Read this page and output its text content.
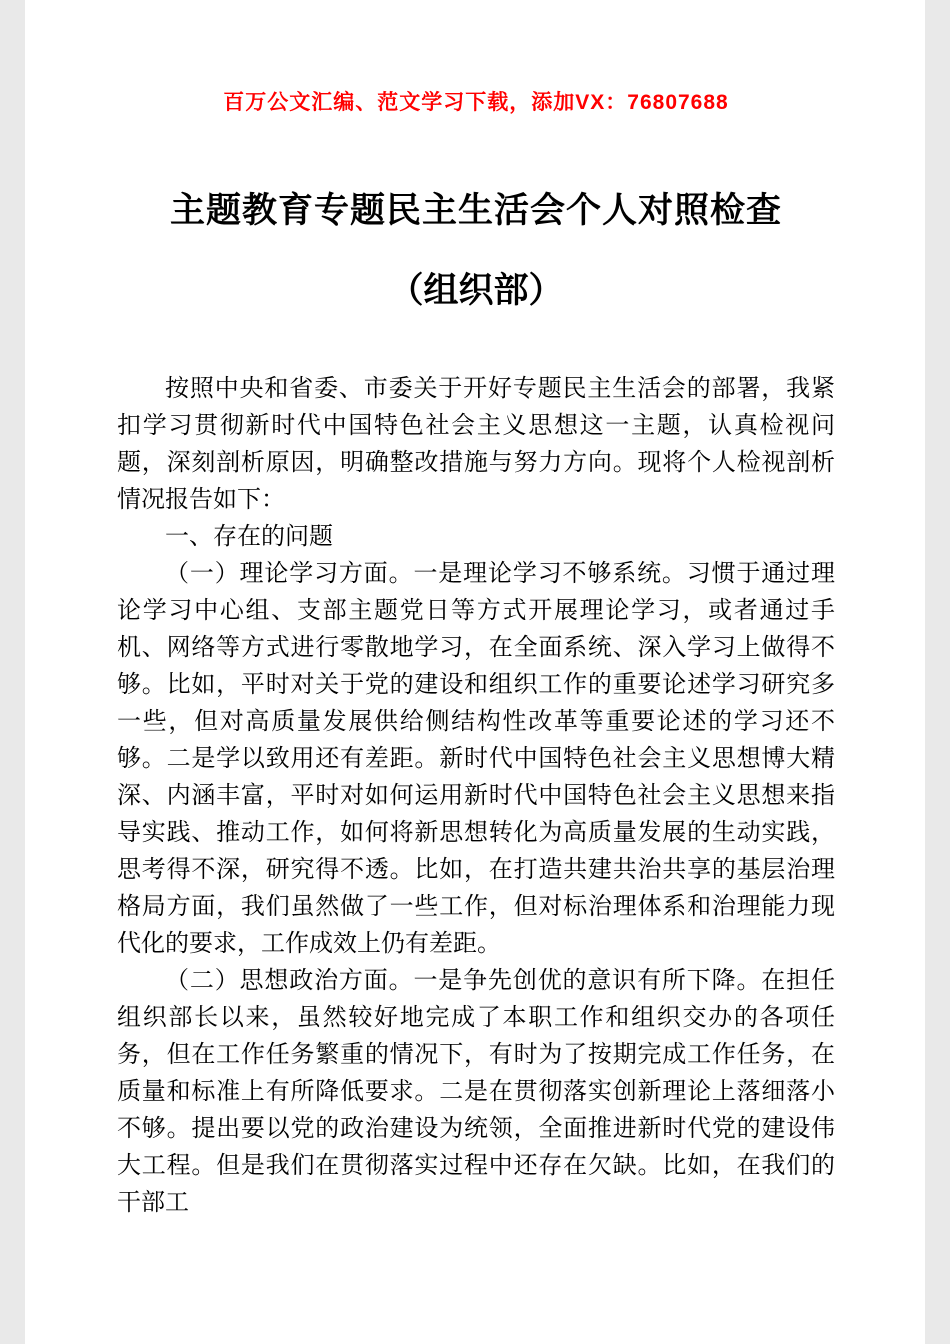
百万公文汇编、范文学习下载，添加VX：76807688
主题教育专题民主生活会个人对照检查
（组织部）

按照中央和省委、市委关于开好专题民主生活会的部署，我紧扣学习贯彻新时代中国特色社会主义思想这一主题，认真检视问题，深刻剖析原因，明确整改措施与努力方向。现将个人检视剖析情况报告如下：

一、存在的问题

（一）理论学习方面。一是理论学习不够系统。习惯于通过理论学习中心组、支部主题党日等方式开展理论学习，或者通过手机、网络等方式进行零散地学习，在全面系统、深入学习上做得不够。比如，平时对关于党的建设和组织工作的重要论述学习研究多一些，但对高质量发展供给侧结构性改革等重要论述的学习还不够。二是学以致用还有差距。新时代中国特色社会主义思想博大精深、内涵丰富，平时对如何运用新时代中国特色社会主义思想来指导实践、推动工作，如何将新思想转化为高质量发展的生动实践，思考得不深，研究得不透。比如，在打造共建共治共享的基层治理格局方面，我们虽然做了一些工作，但对标治理体系和治理能力现代化的要求，工作成效上仍有差距。

（二）思想政治方面。一是争先创优的意识有所下降。在担任组织部长以来，虽然较好地完成了本职工作和组织交办的各项任务，但在工作任务繁重的情况下，有时为了按期完成工作任务，在质量和标准上有所降低要求。二是在贯彻落实创新理论上落细落小不够。提出要以党的政治建设为统领，全面推进新时代党的建设伟大工程。但是我们在贯彻落实过程中还存在欠缺。比如，在我们的干部工
